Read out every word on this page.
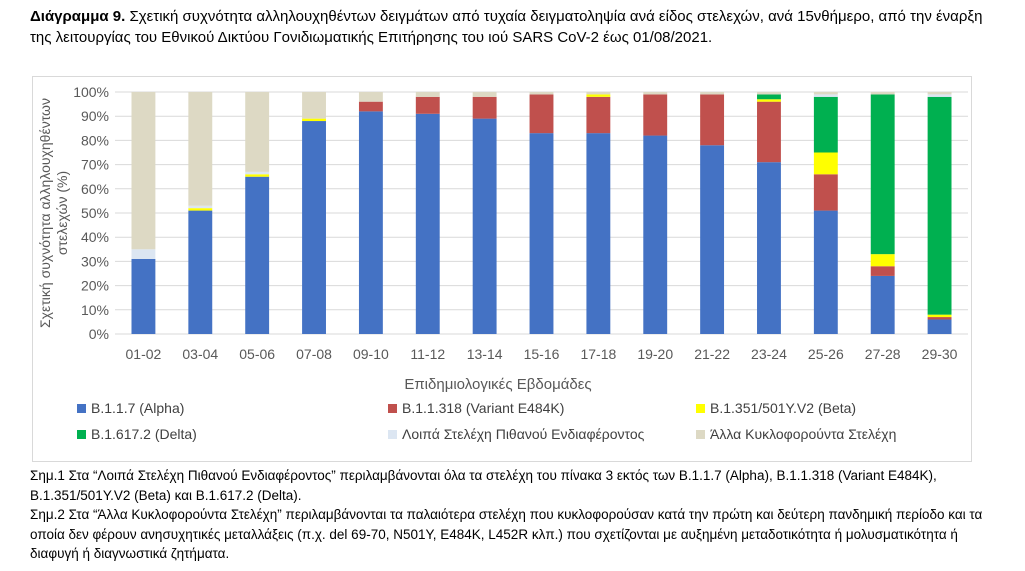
Διάγραμμα 9. Σχετική συχνότητα αλληλουχηθέντων δειγμάτων από τυχαία δειγματοληψία ανά είδος στελεχών, ανά 15νθήμερο, από την έναρξη της λειτουργίας του Εθνικού Δικτύου Γονιδιωματικής Επιτήρησης του ιού SARS CoV-2 έως 01/08/2021.

0%
10%
20%
30%
40%
50%
60%
70%
80%
90%
100%
01-02 03-04 05-06 07-08 09-10 11-12 13-14 15-16 17-18 19-20 21-22 23-24 25-26 27-28 29-30
Σχετική συχνότητα αλληλουχηθέντωνστελεχών (%)
Επιδημιολογικές Εβδομάδες
B.1.1.7 (Alpha)	B.1.1.318 (Variant E484K)	B.1.351/501Y.V2 (Beta)
B.1.617.2 (Delta)	Λοιπά Στελέχη Πιθανού Ενδιαφέροντος	Άλλα Κυκλοφορούντα Στελέχη

Σημ.1 Στα “Λοιπά Στελέχη Πιθανού Ενδιαφέροντος” περιλαμβάνονται όλα τα στελέχη του πίνακα 3 εκτός των B.1.1.7 (Alpha), B.1.1.318 (Variant E484K), B.1.351/501Y.V2 (Beta) και B.1.617.2 (Delta).

Σημ.2 Στα “Άλλα Κυκλοφορούντα Στελέχη” περιλαμβάνονται τα παλαιότερα στελέχη που κυκλοφορούσαν κατά την πρώτη και δεύτερη πανδημική περίοδο και τα οποία δεν φέρουν ανησυχητικές μεταλλάξεις (π.χ. del 69-70, N501Y, E484K, L452R κλπ.) που σχετίζονται με αυξημένη μεταδοτικότητα ή μολυσματικότητα ή διαφυγή ή διαγνωστικά ζητήματα.
